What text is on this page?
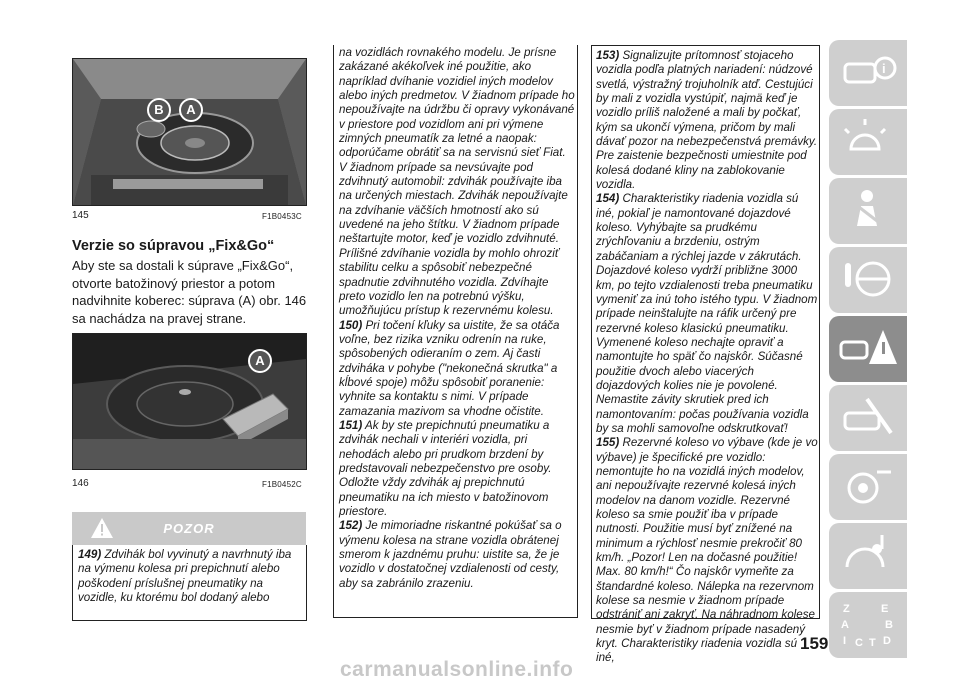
B	A
145	F1B0453C
Verzie so súpravou „Fix&Go“
Aby ste sa dostali k súprave „Fix&Go“, otvorte batožinový priestor a potom nadvihnite koberec: súprava (A) obr. 146 sa nachádza na pravej strane.
A
146	F1B0452C
POZOR

149) Zdvihák bol vyvinutý a navrhnutý iba na výmenu kolesa pri prepichnutí alebo poškodení príslušnej pneumatiky na vozidle, ku ktorému bol dodaný alebo

na vozidlách rovnakého modelu. Je prísne zakázané akékoľvek iné použitie, ako napríklad dvíhanie vozidiel iných modelov alebo iných predmetov. V žiadnom prípade ho nepoužívajte na údržbu či opravy vykonávané v priestore pod vozidlom ani pri výmene zimných pneumatík za letné a naopak: odporúčame obrátiť sa na servisnú sieť Fiat. V žiadnom prípade sa nevsúvajte pod zdvihnutý automobil: zdvihák používajte iba na určených miestach. Zdvihák nepoužívajte na zdvíhanie väčších hmotností ako sú uvedené na jeho štítku. V žiadnom prípade neštartujte motor, keď je vozidlo zdvihnuté. Prílišné zdvíhanie vozidla by mohlo ohroziť stabilitu celku a spôsobiť nebezpečné spadnutie zdvihnutého vozidla. Zdvíhajte preto vozidlo len na potrebnú výšku, umožňujúcu prístup k rezervnému kolesu.

150) Pri točení kľuky sa uistite, že sa otáča voľne, bez rizika vzniku odrenín na ruke, spôsobených odieraním o zem. Aj časti zdviháka v pohybe ("nekonečná skrutka" a kĺbové spoje) môžu spôsobiť poranenie: vyhnite sa kontaktu s nimi. V prípade zamazania mazivom sa vhodne očistite.

151) Ak by ste prepichnutú pneumatiku a zdvihák nechali v interiéri vozidla, pri nehodách alebo pri prudkom brzdení by predstavovali nebezpečenstvo pre osoby. Odložte vždy zdvihák aj prepichnutú pneumatiku na ich miesto v batožinovom priestore.

152) Je mimoriadne riskantné pokúšať sa o výmenu kolesa na strane vozidla obrátenej smerom k jazdnému pruhu: uistite sa, že je vozidlo v dostatočnej vzdialenosti od cesty, aby sa zabránilo zrazeniu.

153) Signalizujte prítomnosť stojaceho vozidla podľa platných nariadení: núdzové svetlá, výstražný trojuholník atď. Cestujúci by mali z vozidla vystúpiť, najmä keď je vozidlo príliš naložené a mali by počkať, kým sa ukončí výmena, pričom by mali dávať pozor na nebezpečenstvá premávky. Pre zaistenie bezpečnosti umiestnite pod kolesá dodané kliny na zablokovanie vozidla.

154) Charakteristiky riadenia vozidla sú iné, pokiaľ je namontované dojazdové koleso. Vyhýbajte sa prudkému zrýchľovaniu a brzdeniu, ostrým zabáčaniam a rýchlej jazde v zákrutách. Dojazdové koleso vydrží približne 3000 km, po tejto vzdialenosti treba pneumatiku vymeniť za inú toho istého typu. V žiadnom prípade neinštalujte na ráfik určený pre rezervné koleso klasickú pneumatiku. Vymenené koleso nechajte opraviť a namontujte ho späť čo najskôr. Súčasné použitie dvoch alebo viacerých dojazdových kolies nie je povolené. Nemastite závity skrutiek pred ich namontovaním: počas používania vozidla by sa mohli samovoľne odskrutkovať!

155) Rezervné koleso vo výbave (kde je vo výbave) je špecifické pre vozidlo: nemontujte ho na vozidlá iných modelov, ani nepoužívajte rezervné kolesá iných modelov na danom vozidle. Rezervné koleso sa smie použiť iba v prípade nutnosti. Použitie musí byť znížené na minimum a rýchlosť nesmie prekročiť 80 km/h. „Pozor! Len na dočasné použitie! Max. 80 km/h!“ Čo najskôr vymeňte za štandardné koleso. Nálepka na rezervnom kolese sa nesmie v žiadnom prípade odstrániť ani zakryť. Na náhradnom kolese nesmie byť v žiadnom prípade nasadený kryt. Charakteristiky riadenia vozidla sú iné,

159
carmanualsonline.info
i
Z	E
A	B
I C T D
